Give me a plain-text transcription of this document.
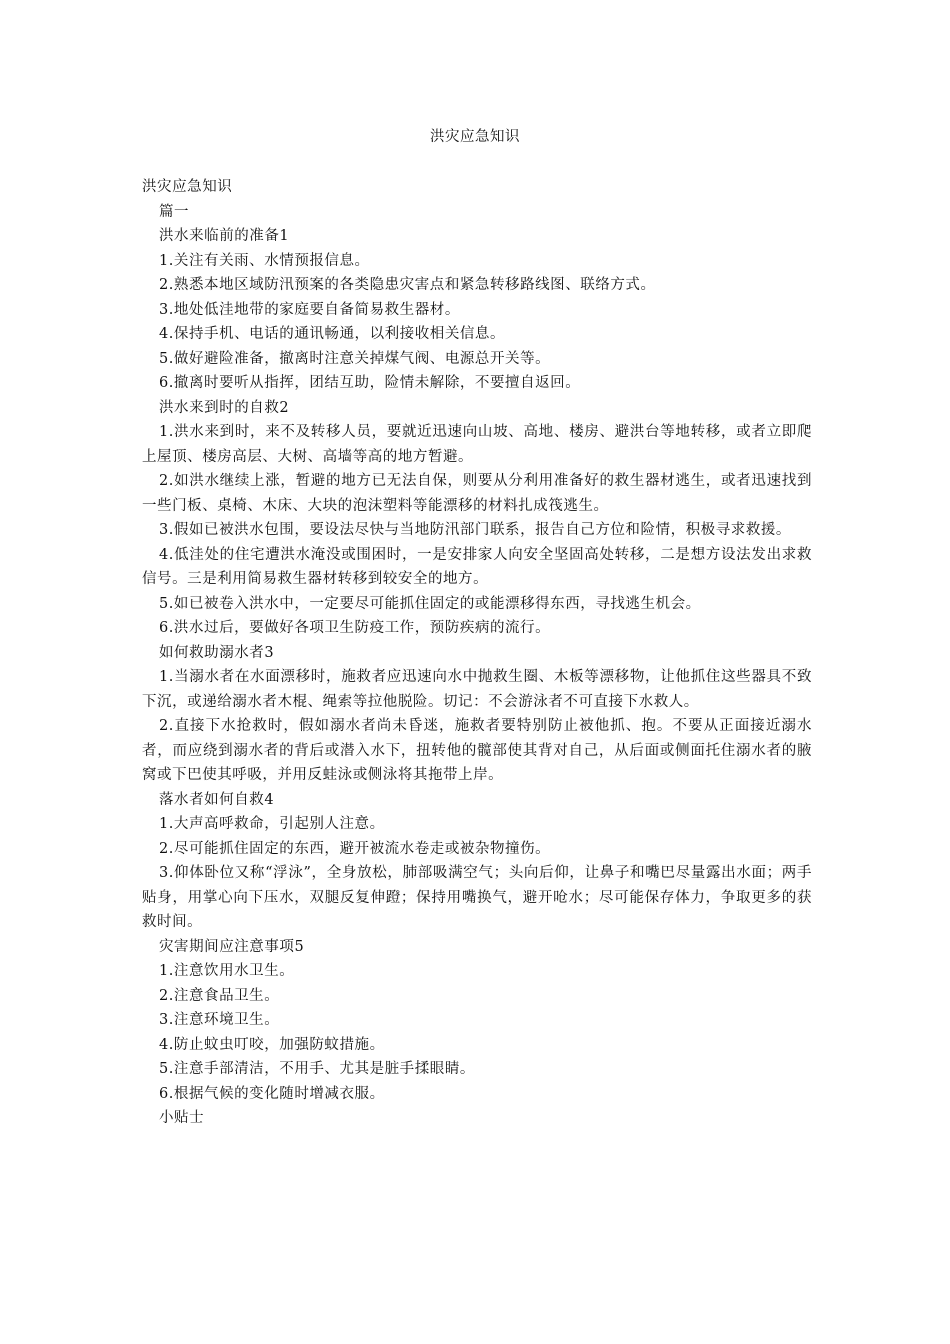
洪灾应急知识

洪灾应急知识

篇一

洪水来临前的准备1

1.关注有关雨、水情预报信息。

2.熟悉本地区域防汛预案的各类隐患灾害点和紧急转移路线图、联络方式。

3.地处低洼地带的家庭要自备简易救生器材。

4.保持手机、电话的通讯畅通，以利接收相关信息。

5.做好避险准备，撤离时注意关掉煤气阀、电源总开关等。

6.撤离时要听从指挥，团结互助，险情未解除，不要擅自返回。

洪水来到时的自救2

1.洪水来到时，来不及转移人员，要就近迅速向山坡、高地、楼房、避洪台等地转移，或者立即爬上屋顶、楼房高层、大树、高墙等高的地方暂避。

2.如洪水继续上涨，暂避的地方已无法自保，则要从分利用准备好的救生器材逃生，或者迅速找到一些门板、桌椅、木床、大块的泡沫塑料等能漂移的材料扎成筏逃生。

3.假如已被洪水包围，要设法尽快与当地防汛部门联系，报告自己方位和险情，积极寻求救援。

4.低洼处的住宅遭洪水淹没或围困时，一是安排家人向安全坚固高处转移，二是想方设法发出求救信号。三是利用简易救生器材转移到较安全的地方。

5.如已被卷入洪水中，一定要尽可能抓住固定的或能漂移得东西，寻找逃生机会。

6.洪水过后，要做好各项卫生防疫工作，预防疾病的流行。

如何救助溺水者3

1.当溺水者在水面漂移时，施救者应迅速向水中抛救生圈、木板等漂移物，让他抓住这些器具不致下沉，或递给溺水者木棍、绳索等拉他脱险。切记：不会游泳者不可直接下水救人。

2.直接下水抢救时，假如溺水者尚未昏迷，施救者要特别防止被他抓、抱。不要从正面接近溺水者，而应绕到溺水者的背后或潜入水下，扭转他的髋部使其背对自己，从后面或侧面托住溺水者的腋窝或下巴使其呼吸，并用反蛙泳或侧泳将其拖带上岸。

落水者如何自救4

1.大声高呼救命，引起别人注意。

2.尽可能抓住固定的东西，避开被流水卷走或被杂物撞伤。

3.仰体卧位又称“浮泳”，全身放松，肺部吸满空气；头向后仰，让鼻子和嘴巴尽量露出水面；两手贴身，用掌心向下压水，双腿反复伸蹬；保持用嘴换气，避开呛水；尽可能保存体力，争取更多的获救时间。

灾害期间应注意事项5

1.注意饮用水卫生。

2.注意食品卫生。

3.注意环境卫生。

4.防止蚊虫叮咬，加强防蚊措施。

5.注意手部清洁，不用手、尤其是脏手揉眼睛。

6.根据气候的变化随时增减衣服。

小贴士
